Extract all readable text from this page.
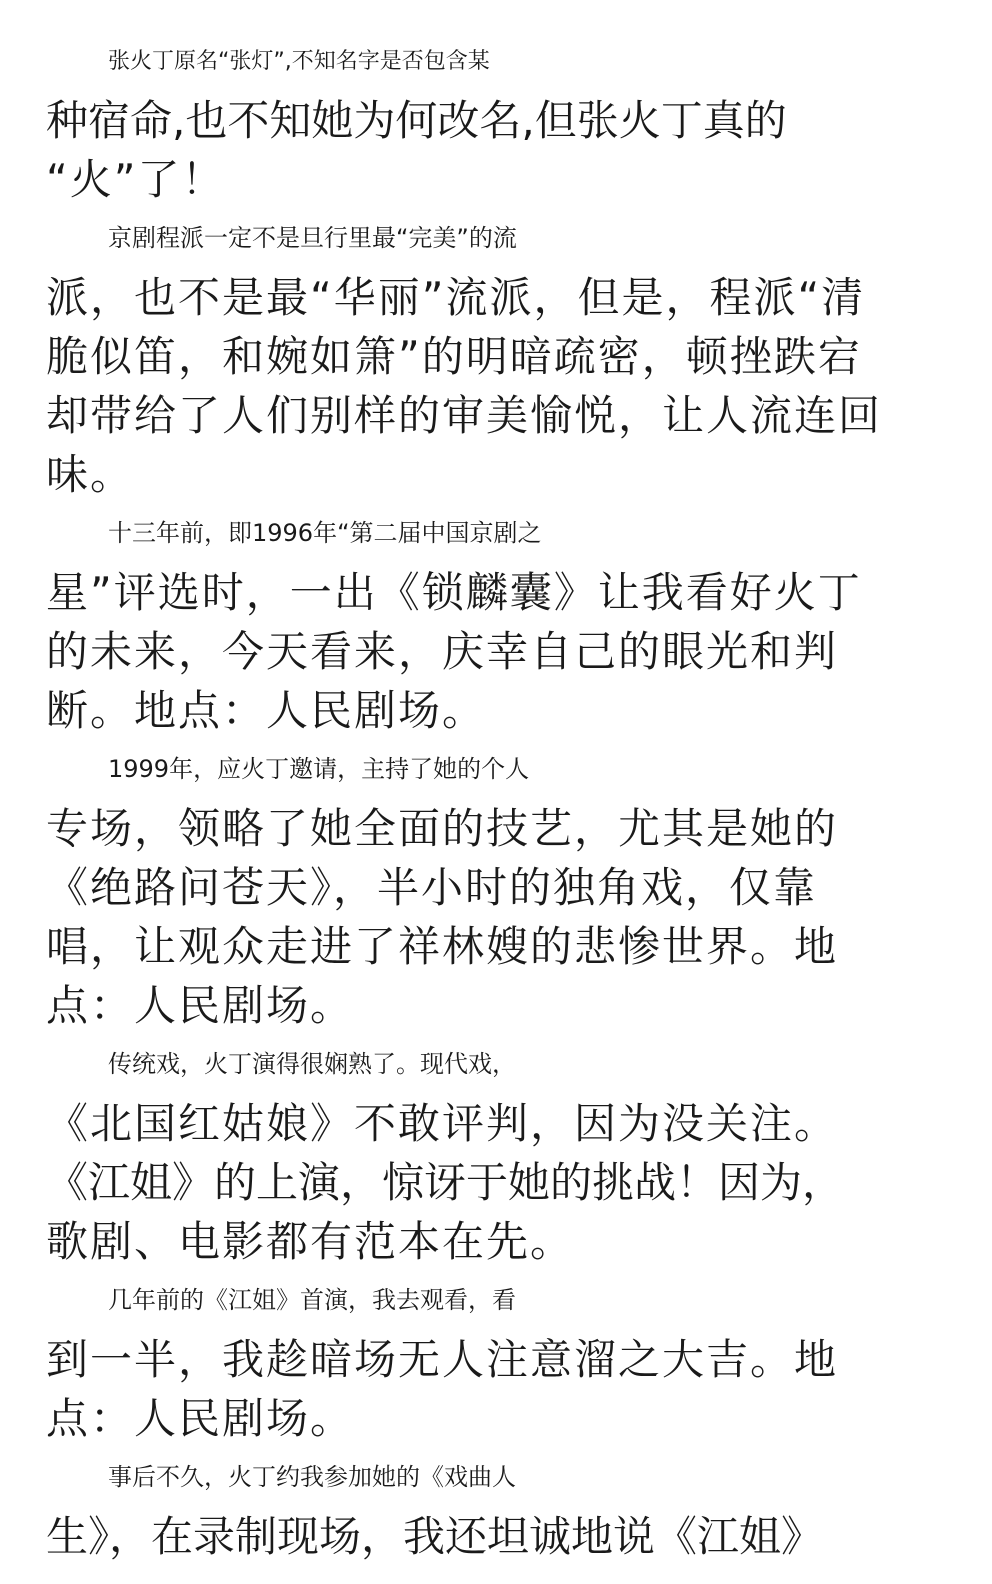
张火丁原名“张灯”,不知名字是否包含某
种宿命,也不知她为何改名,但张火丁真的
“火”了！
京剧程派一定不是旦行里最“完美”的流
派，也不是最“华丽”流派，但是，程派“清
脆似笛，和婉如箫”的明暗疏密，顿挫跌宕
却带给了人们别样的审美愉悦，让人流连回
味。
十三年前，即1996年“第二届中国京剧之
星”评选时，一出《锁麟囊》让我看好火丁
的未来，今天看来，庆幸自己的眼光和判
断。地点：人民剧场。
1999年，应火丁邀请，主持了她的个人
专场，领略了她全面的技艺，尤其是她的
《绝路问苍天》，半小时的独角戏，仅靠
唱，让观众走进了祥林嫂的悲惨世界。地
点：人民剧场。
传统戏，火丁演得很娴熟了。现代戏，
《北国红姑娘》不敢评判，因为没关注。
《江姐》的上演，惊讶于她的挑战！因为，
歌剧、电影都有范本在先。
几年前的《江姐》首演，我去观看，看
到一半，我趁暗场无人注意溜之大吉。地
点：人民剧场。
事后不久，火丁约我参加她的《戏曲人
生》，在录制现场，我还坦诚地说《江姐》
